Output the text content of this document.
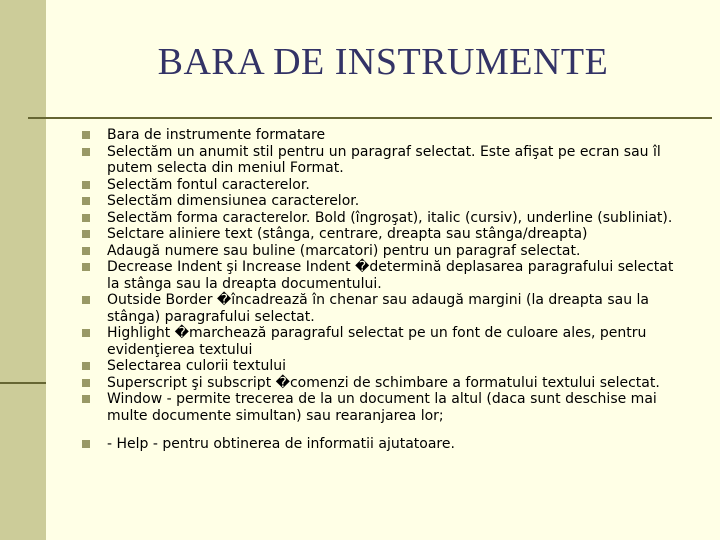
BARA DE INSTRUMENTE
Bara de instrumente formatare
Selectăm un anumit stil pentru un paragraf selectat. Este afişat pe ecran sau îl putem selecta din meniul Format.
Selectăm fontul caracterelor.
Selectăm dimensiunea caracterelor.
Selectăm forma caracterelor. Bold (îngroşat), italic (cursiv), underline (subliniat).
Selctare aliniere text (stânga, centrare, dreapta sau stânga/dreapta)
Adaugă numere sau buline (marcatori) pentru un paragraf selectat.
Decrease Indent şi Increase Indent �determină deplasarea paragrafului selectat la stânga sau la dreapta documentului.
Outside Border �încadrează în chenar sau adaugă margini (la dreapta sau la stânga) paragrafului selectat.
Highlight �marchează paragraful selectat pe un font de culoare ales, pentru evidenţierea textului
Selectarea culorii textului
Superscript şi subscript �comenzi de schimbare a formatului textului selectat.
Window - permite trecerea de la un document la altul (daca sunt deschise mai multe documente simultan) sau rearanjarea lor;
- Help - pentru obtinerea de informatii ajutatoare.
